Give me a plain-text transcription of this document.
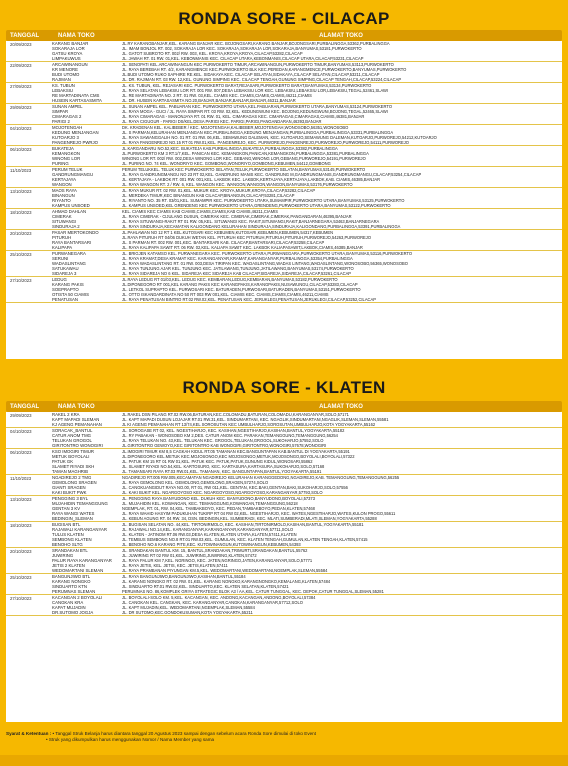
RONDA SORE - CILACAP
TANGGAL	NAMA TOKO	ALAMAT TOKO
20/09/2023	KARANG BANJAR	JL.RY KARANGBANJAR,KEL. KARANG BANJAR KEC. BOJONGSARI,KARANG BANJAR,BOJONGSARI,PURBALINGGA,53362,PURBALINGGA
SOKARAJA LOR	JL. IMAM BONJOL RT. 002, SOKARAJA LOR KEC. SOKARAJA,SOKARAJA LOR,SOKARAJA,BANYUMAS,53181,PURWOKERTO
GATSU KROYA	JL. GATOT SUBROTO RT. 002/ RW. 003, KEL. KROYA,KROYA,KROYA,CILACAP,53282,CILACAP
LIMPAKUWUS	JL. JAWAH RT. 01 RW. 01,KEL. KEBONMANIS KEC. CILACAP UTARA,KEBONMANIS,CILACAP UTARA,CILACAP,53231,CILACAP
22/09/2023	ARCAWINANGUN	JL. SENOPATI KEL.ARCAWINANGUN KEC PURWOKERTO TIMUR,ARCAWINANGUN,PURWOKERTO TIMUR,BANYUMAS,53113,PURWOKERTO
KR MENORE	JL. RAYA BEREBAH RT. 4/2, KARANGMENCE KEC.PURWOKERTO BLK KEC.PEREDAN,KARANGMENCE,PURWOKERTO,BANYUMAS,PURWOKERTO
BUDI UTOMO	JL.BUDI UTOMO RUKO SAPHIRE RE.KEL. SIDAKAYA KEC. CILACAP SELATAN,SIDAKAYA,CILACAP SELATAN,CILACAP,53211,CILACAP
RAJIMAN	JL. DR. RAJIMAN RT. 03 RW. 12,KEL. GUNUNG SIMPING KEC. CILACAP TENGAH,GUNUNG SIMPING,CILACAP TENGAH,CILACAP,53224,CILACAP
27/09/2023	KS. TUBUN	JL. KS. TUBUN, KEL. REJASARI KEC. PURWOKERTO BARAT,REJASARI,PURWOKERTO BARAT,BANYUMAS,53134,PURWOKERTO
LEBAKSIU	JL. RAYA SELATAN LEBAKSIU LOR RT. 001 RW. 007,DESA LEBAKSIU LOR KEC. LEBAKSIU,LEBAKSIU LOR,LEBAKSIU,TEGAL,52461,SLAWI
RE MARTADINATA CMS	JL. RE MARTADINATA NO. 2 RT. 01 RW. 03,KEL. CIAMIS KEC. CIAMIS,CIAMIS,CIAMIS,46211,CIAMIS
HUSEIN KARTASASMITA	JL. DR. HUSEIN KARTASASMITA NO.20,BANJAR,BANJAR,BANJAR,BANJAR,46311,BANJAR
29/09/2023	SUNAN AMPEL	JL. SUNAN AMPEL KEL. PABUARAN KEC. PURWOKERTO UTARA,KEL.PABUARAN,PURWOKERTO UTARA,BANYUMAS,53124,PURWOKERTO
SIMPAR	JL. RAYA MOGA - GUCI / JL. RAYA SIMPAR RT. 03 RW. 02,KEL. KEDUNGWUNI KEC. BOJONG,KEDUNGWUNI,BOJONG,TEGAL,52465,SLAWI
CIMARAGAS 2	JL. RAYA CIMARAGAS - MANONJAYA RT. 01 RW. 01, KEL. CIMARAGAS KEC. CIMARAGAS,CIMARAGAS,CIAMIS,46381,BANJAR
PARIGI 2	JL. RAYA CIGUGUR - PARIGI DS/KEL.DESA PARIGI KEC. PARIGI,PARIGI,PANGANDARAN,46393,BANJAR
04/10/2023	MOJOTENGAH	DK. KRADENAN KEL. KALIBEBER / KEC. MOJOTENGAH,KALIBEBER,MOJOTENGAH,WONOSOBO,56351,WONOSOBO
KEDUNG MENJANGAN	JL. S PARMAN,KELURAHAN MENJANGAN KEC.PURBALINGGA,KEDUNG MENJANGAN,PURBALINGGA,PURBALINGGA,53331,PURBALINGGA
KUTOARJO 3	JL. RAYA SAWANGGALIH NO. 01 RT. 01 RW. 06,KEL. SEMAWUNG DALEMAN, KEC. KUTOARJO,SEMAWUNG DALEMAN,KUTOARJO,PURWOREJO,54212,KUTOARJO
PANGENREJO PWRJO	JL. RAYA PANGENREJO NO.15 RT 01 RW.01,KEL. PANGENREJO, KEC. PURWOREJO,PANGENREJO,PURWOREJO,PURWOREJO,54111,PURWOREJO
06/10/2023	BUKATEJA	JL.KARGANDARU NO.52,KEC. BUKATEJA KAB.PURBALINGGA,BUKATEJA,PURBALINGGA,53382,PURBALINGGA
KEMANGKON	JL.PURWOKERTO KM 3 RT.1/7,KEL. PANICAN KEC. KEMANGKON,PANICAN,KEMANGKON,PURBALINGGA,53381,PURBALINGGA
WINONG LOR	WINONG LOR RT. 002/ RW. 002,DESA WINONG LOR KEC. GEBANG,WINONG LOR,GEBANG,PURWOREJO,54191,PURWOREJO
PURING	JL. PURING NO. 74 KEL. WONORIYO KEC. GOMBONG,WONORIYO,GOMBONG,KEBUMEN,54412,GOMBONG
11/10/2023	PERUM TELUK	PERUM TELUKKEL. TELUK KEC PURWOKERTO SELATAN,TELUK,PURWOKERTO SELATAN,BANYUMAS,53145,PURWOKERTO
GANDRUNGMANGU	JL. RAYA GANDRUNGMANGU NO 23 RT 02,KEL. GANDRUNG MANIS KEC. GANDRUNG M,GANDRUNGMANIS,GANDRUNGMANGU,CILACAP,53254,CILACAP
KERTAJAYA	JL. KERTAJAYA - LAKBOK RT. 001 RW. 001,KEL. LAKBOK KEC. LAKBOK,KERTAJAYA,KERTAJAYA,LAKBOK,KAB. CIAMIS,46385,BANJAR
WANGON	JL. RAYA WANGON RT. 2 / RW. 6, KEL. WANGON KEC. WANGON,WANGON,WANGON,BANYUMAS,53176,PURWOKERTO
13/10/2023	MAOS RAYA	JL. RAYA MUKUR RT. 02 RW. 01,KEL. MUKUR KEC. KROYA,MUKUR,KROYA,CILACAP,53282,CILACAP
BINANGUN	JL. MERDEKA TIMUR,KEC BINANGUN KAB CILACAP,BINANGUN,CILACAP,53281,CILACAP
RIYANTO	JL. RIYANTO NO. 35 RT. 03/01,KEL. SUMAMPIR KEC. PURWOKERTO UTARA,SUMAMPIR,PURWOKERTO UTARA,BANYUMAS,53125,PURWOKERTO
KAMPUS UNSOED	JL. KAMPUS UNSOED,KEL GRENDENG KEC PURWOKERTO UTARA,GRENDENG,PURWOKERTO UTARA,BANYUMAS,53122,PURWOKERTO
18/10/2023	AHMAD DAHLAN	KEL. CIAMIS KEC CIAMIS KAB CIAMIS,CIAMIS,CIAMIS,KAB CIAMIS,46211,CIAMIS
CIMERAK	JL. RAYA CIMERAK - CIJULANG DUSUN, CIMERAK KEC. CIMERAK,CIMERAK,CIMERAK,PANGANDARAN,46395,BANJAR
SITUWANGI	JL. RAYA SITUWANGI-RAKIT RT 01 RW. 05,KEL. SITUWANGI KEC. RAKIT,SITUWANGI,RAKIT,BANJARNEGARA,53463,BANJARNEGARA
SINDURAJA 2	JL. RAYA SINDURAJA,KECAMATAN KALIGONDANG KELURAHAN SINDURAJA,SINDURAJA,KALIGONDANG,PURBALINGGA,53391,PURBALINGGA
20/10/2023	PASAR MERTOKONDO	JL.PAHLAWAN NO 12 RT 1 KEL.KUTOSARI KEC KEBUMEN,KUTOSARI,KEBUMEN,KEBUMEN,54317,KEBUMEN
PITURUH	JL.RAYA PITURUH RT 04/06 DUKUH WETAN KEL. PITURUH KEC PITURUH,PITURUH,PITURUH,PURWOREJO,54263,PURWOREJO
RAYA BANTARSARI	JL. S PARMAN RT. 002 RW. 001,KEC. BANTARSARI KAB. CILACAP,BANTARSARI,CILACAP,53258,CILACAP
KALIPAPA	JL. RAYA KALIPAPA SAWIT RT. 06 RW. 02,KEL. KALIAPA SAWIT KEC. LAKBOK KALIAPASAWIT,LAKBOK,CIAMIS,46385,BANJAR
25/10/2023	PURWANEGARA	JL. BRIGJEN KATAMSO KEL. PURWANEGARA KEC. PURWOKERTO UTARA,PURWANEGARA,PURWOKERTO UTARA,BANYUMAS,53116,PURWOKERTO
SERUNI	JL. RAYA KRAMAT,DESA KRAMAT KEC. KARANGANYAR,KRAMAT,KARANGANYAR,PURBALINGGA,53354,PURBALINGGA
WADASLINTANG	JL. RAYA WADASLINTANG RT. 01 RW. 003,DESA TIRIPAN KEC. WADASLINTANG,WADAS LINTANG,WADASLINTANG,WONOSOBO,56365,WONOSOBO
SATUKAWAU	JL. RAYA TUNJUNG AJAR KEL. TUNJUNG KEC. JATILAWANG,TUNJUNG,JATILAWANG,BANYUMAS,53174,PURWOKERTO
SIDAREJA 3	JL. RAYA SIDAREJA NO 6 KEL. SIDAREJA KEC SIDAREJA KAB CILACAP,SIDAREJA,SIDAREJA,CILACAP,53261,CILACAP
27/10/2023	LEDUG	JL.RAYA LEDUG RT 01/03,KEL. LEDUG KEC. KEMBARAN,LEDUG,KEMBARAN,BANYUMAS,53182,PURWOKERTO
KARANG PAKIS	JL.DIPONEGORO RT 001,KEL KARANG PAKIS KEC KARANGPAKIS,KARANGPAKIS,NUSAWUNGU,CILACAP,53283,CILACAP
SOEPRAPTO	JL. LETKOL SUPRAPTO KEL. PURWOSARI KEC. BATURADEN,PURWOSARI,BATURADEN,BANYUMAS,53151,PURWOKERTO
OTISTA 50 CIAMIS	JL. OTTO ISKANDARDINATA NO 50 RT 003 RW 001,KEL. CIAMIS KEC. CIAMIS,CIAMIS,CIAMIS,46211,CIAMIS
PENATUSAN	JL. RAYA PENATUSAN BINTRO RT.02 RW.02,KEL. PENATUSAN KEC. JERUKLEGI,PENATUSAN,JERUKLEGI,CILACAP,53252,CILACAP
RONDA SORE - KLATEN
TANGGAL	NAMA TOKO	ALAMAT TOKO
29/09/2023	RAKEL 2 KRA	JL.RAKEL DSN PILANG RT.02 RW.06,BATURAN,KEC.COLOMADU,BATURAN,COLOMADU,KARANGANYAR,SOLO,57171
KAPT MAPADI SLEMAN	JL. KAPT MAPADI DUSUN LOJAJAR RT.01 RW.31,KEL. SINDUMARTANI, KEC. NGAGLIK,SINDUMARTANI,NGAGLIK,SLEMAN,SLEMAN,55581
KJ AGENG PEMANAHAN	JL KI AGENG PEMANAHAN RT 13/74,KEL SOROSUTAN KEC UMBULHARJO,SOROSUTAN,UMBULHARJO,KOTA YOGYAKARTA,55162
04/10/2023	SORACAK_BANTUL	JL. SOROGASE RT 02, KEL. NGESTIHARJO, KEC. KASIHAN,NGESTIHARJO,KASIHAN,BANTUL,YOGYAKARTA,55182
CATUR ANOM TMG	JL. RY PABAKAN - WONOSOBO KM 2,DES. CATUR ANOM KEC. PARAKAN,TEMANGGUNG,TEMANGGUNG,56254
TELUKAN GROGOL	JL. RAYA TELUKAN NO. 43,KEL. TELUKAN KEC. GROGOL,TELUKAN,GROGOL,SUKOHARJO,57552,SOLO
GIRITONTRO WONOGIRI	JL.GIRITONTRO GEWOYO,KEC GIRITONTRO KAB WONOGIRI,GIRITONTRO,WONOGIRI,57678,WONOGIRI
06/10/2023	KSO IMOGIRI TIMUR	JL.IMOGIRI TIMUR KM 8,5 CAGKAH KIDUL RT.05 TAMANAN KEC.BANGUNTAPAN KAB.BANTUL DI YOGYAKARTA,55191
METUK BOYOLALI	JL.DIPONEGORO KEL.METUK KEC.MOJOSONGO,KEC MOJOSONGO,METUK,MOJOSONGO,BOYOLALI,BOYOLALI,57322
PATUK GK	JL. PATUK KM 15 RT 01 RW 01,KEL. PATUK KEC. PATUK,PATUK,GUNUNG KIDUL,WONOSARI,55862
SLAMET RIYADI SKH	JL. SLAMET RIYADI NO.54,KEL. KARTOSURO, KEC. KARTASURA,KARTASURA,SUKOHARJO,SOLO,57168
TAMAN MAGHRIB	JL. TAMANSARI RAYA RT.03 RW.01,KEL. TAMANAN, KEC. BANGUNTAPAN,BANTUL,YOGYAKARTA,55191
11/10/2023	NGADIREJO 2 TMG	NGADIREJO RT.005 RW.005,KECAMATAN NGADIREJO KELURAHAN KARANGGEDONG,NGADIREJO,KAB. TEMANGGUNG,TEMANGGUNG,56255
GEMOLONG SRAGEN	JL. RAYA GEMOLONG KEL. GEMOLONG,GEMOLONG,SRAGEN,57274,SOLO
GIANTI SRAGEN	JL. CANGKUANGIDUT RAYA NO.00, RT 01, RW 011,KEL. GENTAN, KEC.BAKI,GENTAN,BAKI,SUKOHARJO,SOLO,57556
KAKI BUKIT PWK	JL. KAKI BUKIT KEL. NGARGOYOSO KEC. NGARGOYOSO,NGARGOYOSO,KARANGANYAR,57793,SOLO
13/10/2023	PENGGING 3 BYL	JL. PENGGING RAYA BANYUDONO KEL. DUKUH KEC. BANYUDONO,BANYUDONO,BOYOLALI,57373
MUJAHIDIN TEMANGGUNG	JL. MUJAHIDIN KEL. KOWANGAN, KEC. TEMANGGUNG,KOWANGAN,TEMANGGUNG,56218
GENTAN 3 KV	NGEMPLAK, RT. 01, RW. 04,KEL. TAMBAKBOYO, KEC. PEDAN,TAMBAKBOYO,PEDAN,KLATEN,57468
RAYA WANGI WATES	JL. RAYA WAHID HASYIM PADUKUHAN TUKIRP RT 04 RW 02,KEL. NGESTIHARJO, KEC. WATES,NGESTIHARJO,WATES,KULON PROGO,55611
BEDINGIN_SLEMAN	JL. KEBUN AGUNG RT. 04 RW. 34, DSN. BEDINGIN,KEL. SUMBERADI, KEC. MLATI,SUMBERADI,MLATI,SLEMAN,YOGYAKARTA,55288
18/10/2023	BUGISAN BTL	JL. BUGISAN SELATAN NO. 44,KEL. TIRTONIRMOLO, KEC. KASIHAN,TIRTONIRMOLO,KASIHAN,BANTUL,YOGYAKARTA,55181
RAJAWALI KARANGANYAR	JL. RAJAWALI NO.14,KEL. KARANGANYAR,KARANGANYAR,KARANGANYAR,57711,SOLO
TULUS KLATEN	JL. KLATEN - JATINOM RT.06 RW.03,DESA KLATEN,KLATEN UTARA,KLATEN,57411,KLATEN
SEMBONG KLATEN	JL. TEMBUS SEMBONG NO.8 RT.01 RW.03,KEL. GUMULAN, KEC. KLATEN TENGAH,GUMULAN,KLATEN TENGAH,KLATEN,57415
BENOHO SLTG	JL. BENOHO NO.6 KARANG PITE,KEC. KUTOWINANGUN,KUTOWINANGUN,KEBUMEN,54393
20/10/2023	SRANDAKAN BTL	JL. SRANDAKAN BANTUL KM. 15, BANTUL,SRANDAKAN,TRIMURTI,SRANDAKAN,BANTUL,55762
JUWIRING	JL. JUWIRING RT 02 RW 01,KEL. JUWIRING,JUWIRING,KLATEN,57472
PALUR RAYA KARANGANYAR	JL. RAYA PALUR KM 7,KEL. NGRINGO, KEC. JATEN,NGRINGO,JATEN,KARANGANYAR,SOLO,57771
JETIS 2 KLATEN	JL. RAYA JETIS, KEL. JETIS, KEC. JETIS,KLATEN,57411
WEDOMARTANI SLEMAN	JL. RAYA PRAMBANAN PIYUNGAN KM.5,KEL. WEDOMARTANI,WEDOMARTANI,NGEMPLAK,SLEMAN,55584
25/10/2023	BANGUNJIWO BTL	JL. RAYA BANGUNJIWO,BANGUNJIWO,KASIHAN,BANTUL,55184
KARANG NONGKO	JL. KARANG NONGKO RT. 02 RW. 01,KEL. KARANG NONGKO,KARANGNONGKO,KEMALANG,KLATEN,57484
SINDUARTO KTN	JL. SINDUARTO RT.01 RW.02,KEL. SINDUARTO,KEC. KLATEN SELATAN,KLATEN,57421
PERUMNAS SLEMAN	PERUMNAS NO. 86,KOMPLEK GRIYA STRATEGIC BLOK A3 / AA,KEL. CATUR TUNGGAL, KEC. DEPOK,CATUR TUNGGAL,SLEMAN,55281
27/10/2023	KACANGAN 2 BOYOLALI	JL. BOYOLALI-SOLO KM. 5,KEL. KACANGAN, KEC. ANDONG,KACANGAN,ANDONG,BOYOLALI,57384
CANGKAN KRA	JL. CANGKAN KEL. CANGKAN, KEC. KARANGANYAR,CANGKAN,KARANGANYAR,57712,SOLO
KAPAT MUJADIN	JL. KAPT MUJADIN,KEL. WEDOMARTANI,NGEMPLAK,SLEMAN,55584
DR.SUTOMO JOGJA	JL. DR SUTOMO,KEC.GONDOKUSUMAN,KOTA YOGYAKARTA,55211
Syarat & Ketentuan : • Tanggal Struk Belanja harus diantara tanggal 20 Agustus 2023 sampai dengan sebelum acara Ronda Sore dimulai di toko Event
• Struk yang dikumpulkan harus menggunakan Nomor / Nama Member yang sama
